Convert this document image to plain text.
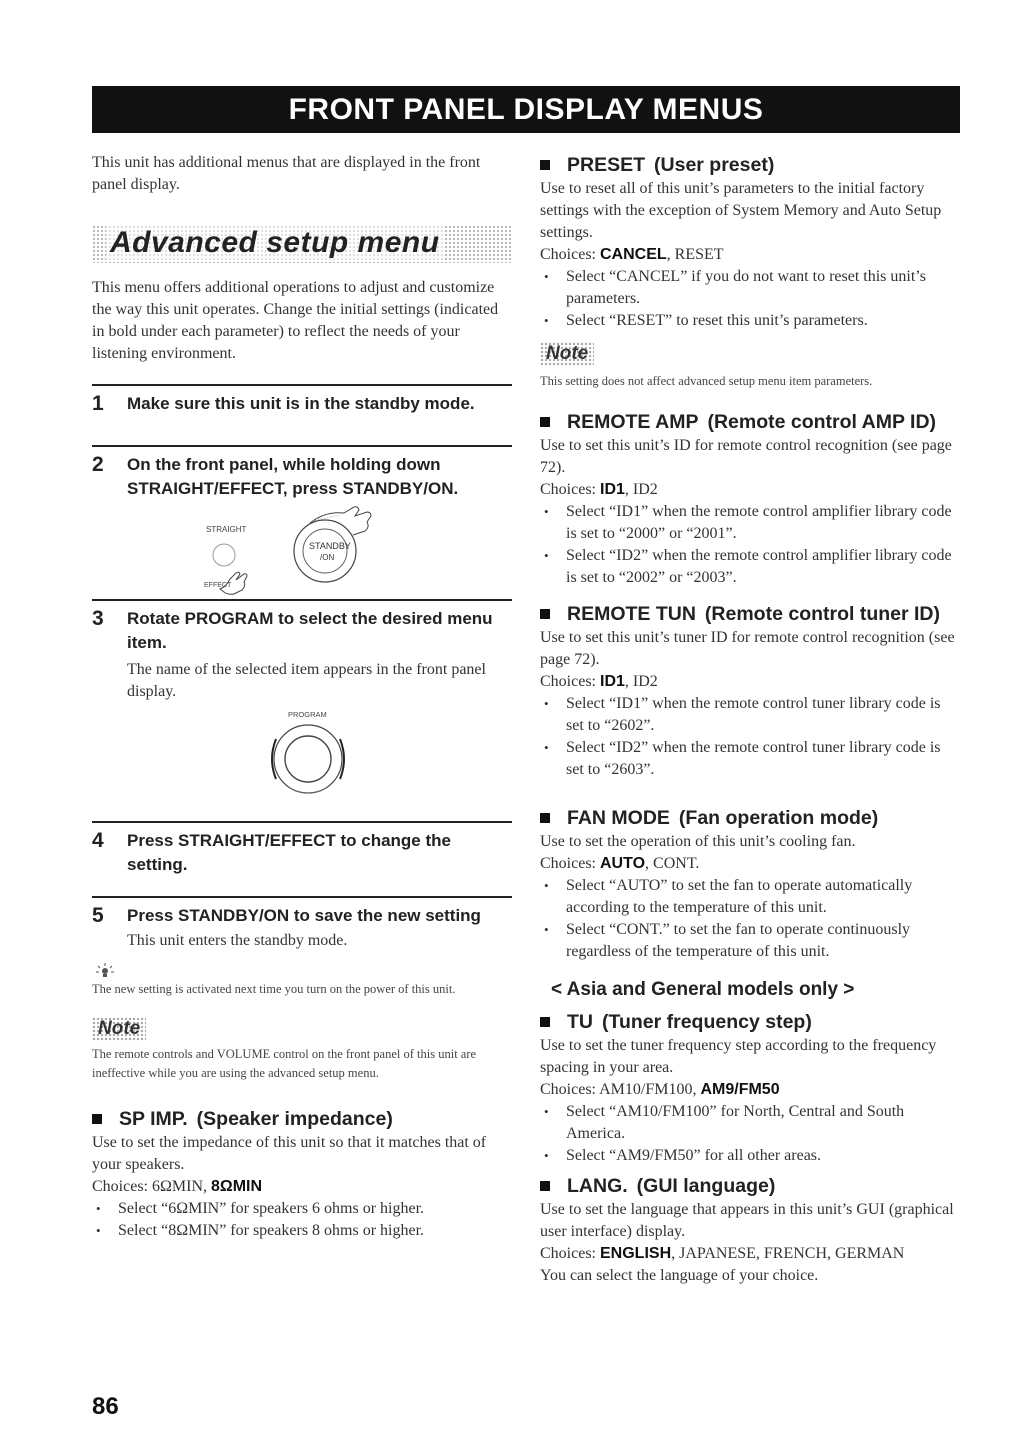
FRONT PANEL DISPLAY MENUS

This unit has additional menus that are displayed in the front panel display.

Advanced setup menu

This menu offers additional operations to adjust and customize the way this unit operates. Change the initial settings (indicated in bold under each parameter) to reflect the needs of your listening environment.

1	Make sure this unit is in the standby mode.
2	On the front panel, while holding down STRAIGHT/EFFECT, press STANDBY/ON.
STRAIGHT
EFFECT
STANDBY
/ON
3	Rotate PROGRAM to select the desired menu item.

The name of the selected item appears in the front panel display.

PROGRAM
4	Press STRAIGHT/EFFECT to change the setting.
5	Press STANDBY/ON to save the new setting

This unit enters the standby mode.

The new setting is activated next time you turn on the power of this unit.

Note

The remote controls and VOLUME control on the front panel of this unit are ineffective while you are using the advanced setup menu.

SP IMP. (Speaker impedance)

Use to set the impedance of this unit so that it matches that of your speakers.

Choices: 6ΩMIN, 8ΩMIN

• Select “6ΩMIN” for speakers 6 ohms or higher.
• Select “8ΩMIN” for speakers 8 ohms or higher.
PRESET (User preset)

Use to reset all of this unit’s parameters to the initial factory settings with the exception of System Memory and Auto Setup settings.

Choices: CANCEL, RESET

• Select “CANCEL” if you do not want to reset this unit’s parameters.
• Select “RESET” to reset this unit’s parameters.
Note

This setting does not affect advanced setup menu item parameters.

REMOTE AMP (Remote control AMP ID)

Use to set this unit’s ID for remote control recognition (see page 72).

Choices: ID1, ID2

• Select “ID1” when the remote control amplifier library code is set to “2000” or “2001”.
• Select “ID2” when the remote control amplifier library code is set to “2002” or “2003”.
REMOTE TUN (Remote control tuner ID)

Use to set this unit’s tuner ID for remote control recognition (see page 72).

Choices: ID1, ID2

• Select “ID1” when the remote control tuner library code is set to “2602”.
• Select “ID2” when the remote control tuner library code is set to “2603”.
FAN MODE (Fan operation mode)

Use to set the operation of this unit’s cooling fan.

Choices: AUTO, CONT.

• Select “AUTO” to set the fan to operate automatically according to the temperature of this unit.
• Select “CONT.” to set the fan to operate continuously regardless of the temperature of this unit.
< Asia and General models only >
TU (Tuner frequency step)

Use to set the tuner frequency step according to the frequency spacing in your area.

Choices: AM10/FM100, AM9/FM50

• Select “AM10/FM100” for North, Central and South America.
• Select “AM9/FM50” for all other areas.
LANG. (GUI language)

Use to set the language that appears in this unit’s GUI (graphical user interface) display.

Choices: ENGLISH, JAPANESE, FRENCH, GERMAN

You can select the language of your choice.

86
